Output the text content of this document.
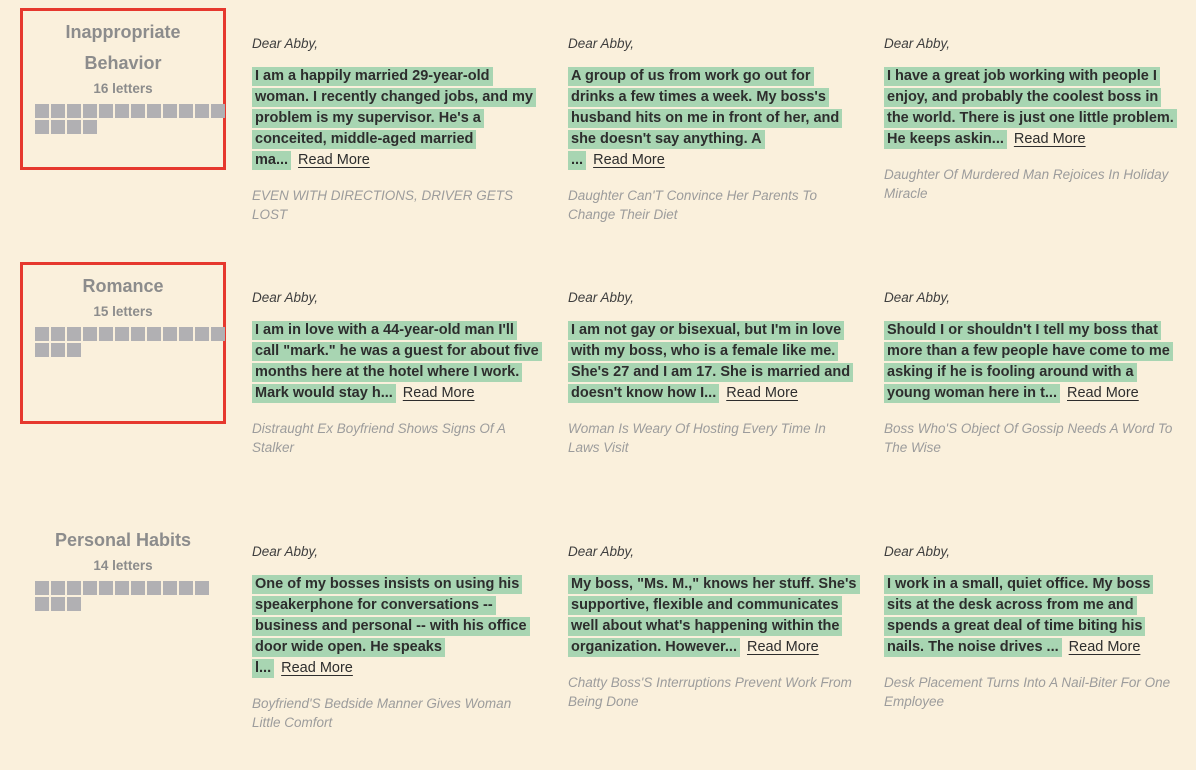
Inappropriate Behavior
16 letters
Dear Abby,

I am a happily married 29-year-old woman. I recently changed jobs, and my problem is my supervisor. He's a conceited, middle-aged married ma... Read More

EVEN WITH DIRECTIONS, DRIVER GETS LOST
Dear Abby,

A group of us from work go out for drinks a few times a week. My boss's husband hits on me in front of her, and she doesn't say anything. A ... Read More

Daughter Can'T Convince Her Parents To Change Their Diet
Dear Abby,

I have a great job working with people I enjoy, and probably the coolest boss in the world. There is just one little problem. He keeps askin... Read More

Daughter Of Murdered Man Rejoices In Holiday Miracle
Romance
15 letters
Dear Abby,

I am in love with a 44-year-old man I'll call "mark." he was a guest for about five months here at the hotel where I work. Mark would stay h... Read More

Distraught Ex Boyfriend Shows Signs Of A Stalker
Dear Abby,

I am not gay or bisexual, but I'm in love with my boss, who is a female like me. She's 27 and I am 17. She is married and doesn't know how I... Read More

Woman Is Weary Of Hosting Every Time In Laws Visit
Dear Abby,

Should I or shouldn't I tell my boss that more than a few people have come to me asking if he is fooling around with a young woman here in t... Read More

Boss Who'S Object Of Gossip Needs A Word To The Wise
Personal Habits
14 letters
Dear Abby,

One of my bosses insists on using his speakerphone for conversations -- business and personal -- with his office door wide open. He speaks l... Read More

Boyfriend'S Bedside Manner Gives Woman Little Comfort
Dear Abby,

My boss, "Ms. M.," knows her stuff. She's supportive, flexible and communicates well about what's happening within the organization. However... Read More

Chatty Boss'S Interruptions Prevent Work From Being Done
Dear Abby,

I work in a small, quiet office. My boss sits at the desk across from me and spends a great deal of time biting his nails. The noise drives ... Read More

Desk Placement Turns Into A Nail-Biter For One Employee
